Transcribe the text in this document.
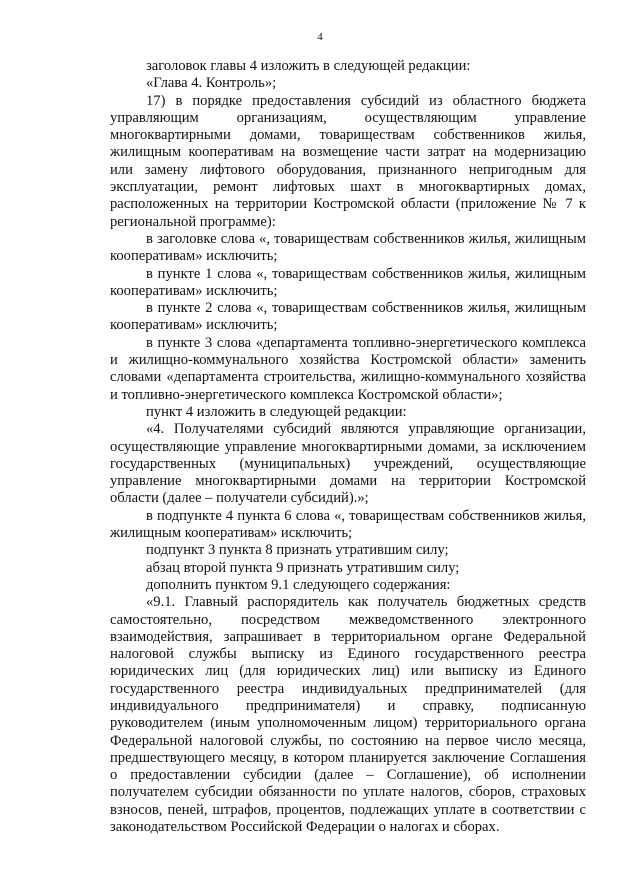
4

заголовок главы 4 изложить в следующей редакции:

«Глава 4. Контроль»;

17) в порядке предоставления субсидий из областного бюджета управляющим организациям, осуществляющим управление многоквартирными домами, товариществам собственников жилья, жилищным кооперативам на возмещение части затрат на модернизацию или замену лифтового оборудования, признанного непригодным для эксплуатации, ремонт лифтовых шахт в многоквартирных домах, расположенных на территории Костромской области (приложение № 7 к региональной программе):

в заголовке слова «, товариществам собственников жилья, жилищным кооперативам» исключить;

в пункте 1 слова «, товариществам собственников жилья, жилищным кооперативам» исключить;

в пункте 2 слова «, товариществам собственников жилья, жилищным кооперативам» исключить;

в пункте 3 слова «департамента топливно-энергетического комплекса и жилищно-коммунального хозяйства Костромской области» заменить словами «департамента строительства, жилищно-коммунального хозяйства и топливно-энергетического комплекса Костромской области»;

пункт 4 изложить в следующей редакции:

«4. Получателями субсидий являются управляющие организации, осуществляющие управление многоквартирными домами, за исключением государственных (муниципальных) учреждений, осуществляющие управление многоквартирными домами на территории Костромской области (далее – получатели субсидий).»;

в подпункте 4 пункта 6 слова «, товариществам собственников жилья, жилищным кооперативам» исключить;

подпункт 3 пункта 8 признать утратившим силу;

абзац второй пункта 9 признать утратившим силу;

дополнить пунктом 9.1 следующего содержания:

«9.1. Главный распорядитель как получатель бюджетных средств самостоятельно, посредством межведомственного электронного взаимодействия, запрашивает в территориальном органе Федеральной налоговой службы выписку из Единого государственного реестра юридических лиц (для юридических лиц) или выписку из Единого государственного реестра индивидуальных предпринимателей (для индивидуального предпринимателя) и справку, подписанную руководителем (иным уполномоченным лицом) территориального органа Федеральной налоговой службы, по состоянию на первое число месяца, предшествующего месяцу, в котором планируется заключение Соглашения о предоставлении субсидии (далее – Соглашение), об исполнении получателем субсидии обязанности по уплате налогов, сборов, страховых взносов, пеней, штрафов, процентов, подлежащих уплате в соответствии с законодательством Российской Федерации о налогах и сборах.
